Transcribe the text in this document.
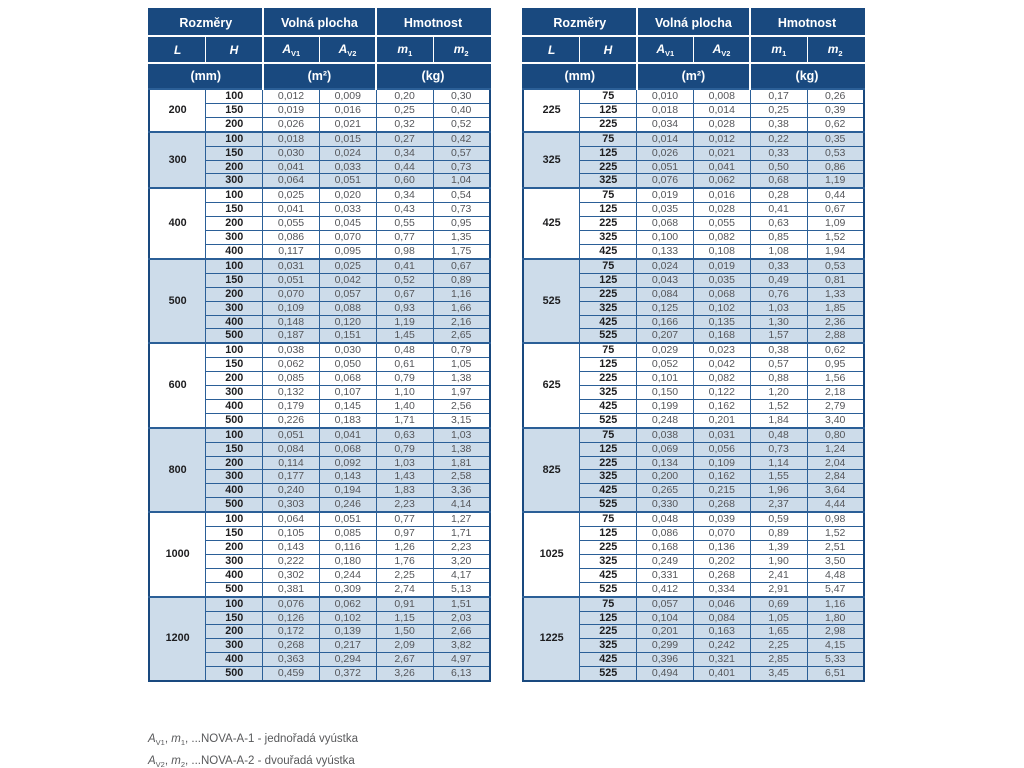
Rozměry		Volná plocha		Hmotnost	
L	H	$A_{V1}$	$A_{V2}$	$m_1$	$m_2$
(mm)		(m²)		(kg)	
200	100	0,012	0,009	0,20	0,30
	150	0,019	0,016	0,25	0,40
	200	0,026	0,021	0,32	0,52
300	100	0,018	0,015	0,27	0,42
	150	0,030	0,024	0,34	0,57
	200	0,041	0,033	0,44	0,73
	300	0,064	0,051	0,60	1,04
400	100	0,025	0,020	0,34	0,54
	150	0,041	0,033	0,43	0,73
	200	0,055	0,045	0,55	0,95
	300	0,086	0,070	0,77	1,35
	400	0,117	0,095	0,98	1,75
500	100	0,031	0,025	0,41	0,67
	150	0,051	0,042	0,52	0,89
	200	0,070	0,057	0,67	1,16
	300	0,109	0,088	0,93	1,66
	400	0,148	0,120	1,19	2,16
	500	0,187	0,151	1,45	2,65
600	100	0,038	0,030	0,48	0,79
	150	0,062	0,050	0,61	1,05
	200	0,085	0,068	0,79	1,38
	300	0,132	0,107	1,10	1,97
	400	0,179	0,145	1,40	2,56
	500	0,226	0,183	1,71	3,15
800	100	0,051	0,041	0,63	1,03
	150	0,084	0,068	0,79	1,38
	200	0,114	0,092	1,03	1,81
	300	0,177	0,143	1,43	2,58
	400	0,240	0,194	1,83	3,36
	500	0,303	0,246	2,23	4,14
1000	100	0,064	0,051	0,77	1,27
	150	0,105	0,085	0,97	1,71
	200	0,143	0,116	1,26	2,23
	300	0,222	0,180	1,76	3,20
	400	0,302	0,244	2,25	4,17
	500	0,381	0,309	2,74	5,13
1200	100	0,076	0,062	0,91	1,51
	150	0,126	0,102	1,15	2,03
	200	0,172	0,139	1,50	2,66
	300	0,268	0,217	2,09	3,82
	400	0,363	0,294	2,67	4,97
	500	0,459	0,372	3,26	6,13
Rozměry		Volná plocha		Hmotnost	
L	H	$A_{V1}$	$A_{V2}$	$m_1$	$m_2$
(mm)		(m²)		(kg)	
225	75	0,010	0,008	0,17	0,26
	125	0,018	0,014	0,25	0,39
	225	0,034	0,028	0,38	0,62
325	75	0,014	0,012	0,22	0,35
	125	0,026	0,021	0,33	0,53
	225	0,051	0,041	0,50	0,86
	325	0,076	0,062	0,68	1,19
425	75	0,019	0,016	0,28	0,44
	125	0,035	0,028	0,41	0,67
	225	0,068	0,055	0,63	1,09
	325	0,100	0,082	0,85	1,52
	425	0,133	0,108	1,08	1,94
525	75	0,024	0,019	0,33	0,53
	125	0,043	0,035	0,49	0,81
	225	0,084	0,068	0,76	1,33
	325	0,125	0,102	1,03	1,85
	425	0,166	0,135	1,30	2,36
	525	0,207	0,168	1,57	2,88
625	75	0,029	0,023	0,38	0,62
	125	0,052	0,042	0,57	0,95
	225	0,101	0,082	0,88	1,56
	325	0,150	0,122	1,20	2,18
	425	0,199	0,162	1,52	2,79
	525	0,248	0,201	1,84	3,40
825	75	0,038	0,031	0,48	0,80
	125	0,069	0,056	0,73	1,24
	225	0,134	0,109	1,14	2,04
	325	0,200	0,162	1,55	2,84
	425	0,265	0,215	1,96	3,64
	525	0,330	0,268	2,37	4,44
1025	75	0,048	0,039	0,59	0,98
	125	0,086	0,070	0,89	1,52
	225	0,168	0,136	1,39	2,51
	325	0,249	0,202	1,90	3,50
	425	0,331	0,268	2,41	4,48
	525	0,412	0,334	2,91	5,47
1225	75	0,057	0,046	0,69	1,16
	125	0,104	0,084	1,05	1,80
	225	0,201	0,163	1,65	2,98
	325	0,299	0,242	2,25	4,15
	425	0,396	0,321	2,85	5,33
	525	0,494	0,401	3,45	6,51
$A_{V1}$, $m_1$, ...NOVA-A-1 - jednořadá vyústka
$A_{V2}$, $m_2$, ...NOVA-A-2 - dvouřadá vyústka
